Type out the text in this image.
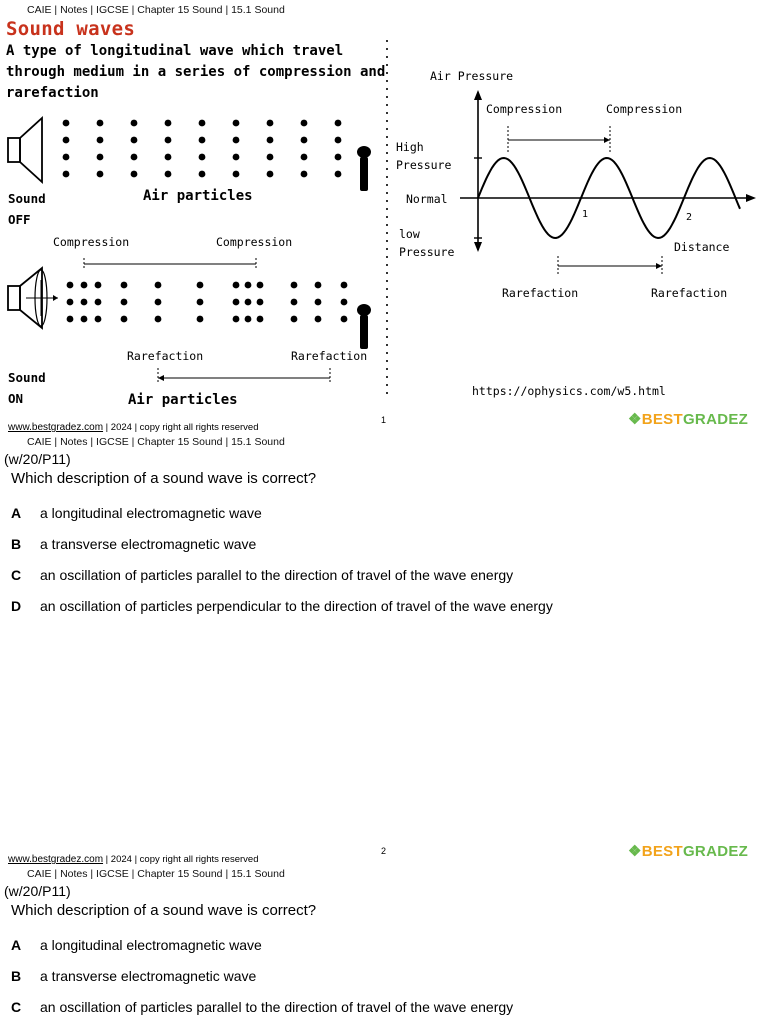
CAIE | Notes | IGCSE | Chapter 15 Sound | 15.1 Sound
Sound waves
A type of longitudinal wave which travel through medium in a series of compression and rarefaction
Sound
OFF
Air particles
Compression	Compression
Rarefaction	Rarefaction
Sound
ON	Air particles
Air Pressure
Compression	Compression
High
Pressure
Normal
1	2
low
Pressure	Distance
Rarefaction	Rarefaction
https://ophysics.com/w5.html
www.bestgradez.com | 2024 | copy right all rights reserved
1	❖BESTGRADEZ
CAIE | Notes | IGCSE | Chapter 15 Sound | 15.1 Sound
(w/20/P11)
Which description of a sound wave is correct?
A a longitudinal electromagnetic wave
B a transverse electromagnetic wave
C an oscillation of particles parallel to the direction of travel of the wave energy
D an oscillation of particles perpendicular to the direction of travel of the wave energy
www.bestgradez.com | 2024 | copy right all rights reserved
2	❖BESTGRADEZ
CAIE | Notes | IGCSE | Chapter 15 Sound | 15.1 Sound
(w/20/P11)
Which description of a sound wave is correct?
A a longitudinal electromagnetic wave
B a transverse electromagnetic wave
C an oscillation of particles parallel to the direction of travel of the wave energy
